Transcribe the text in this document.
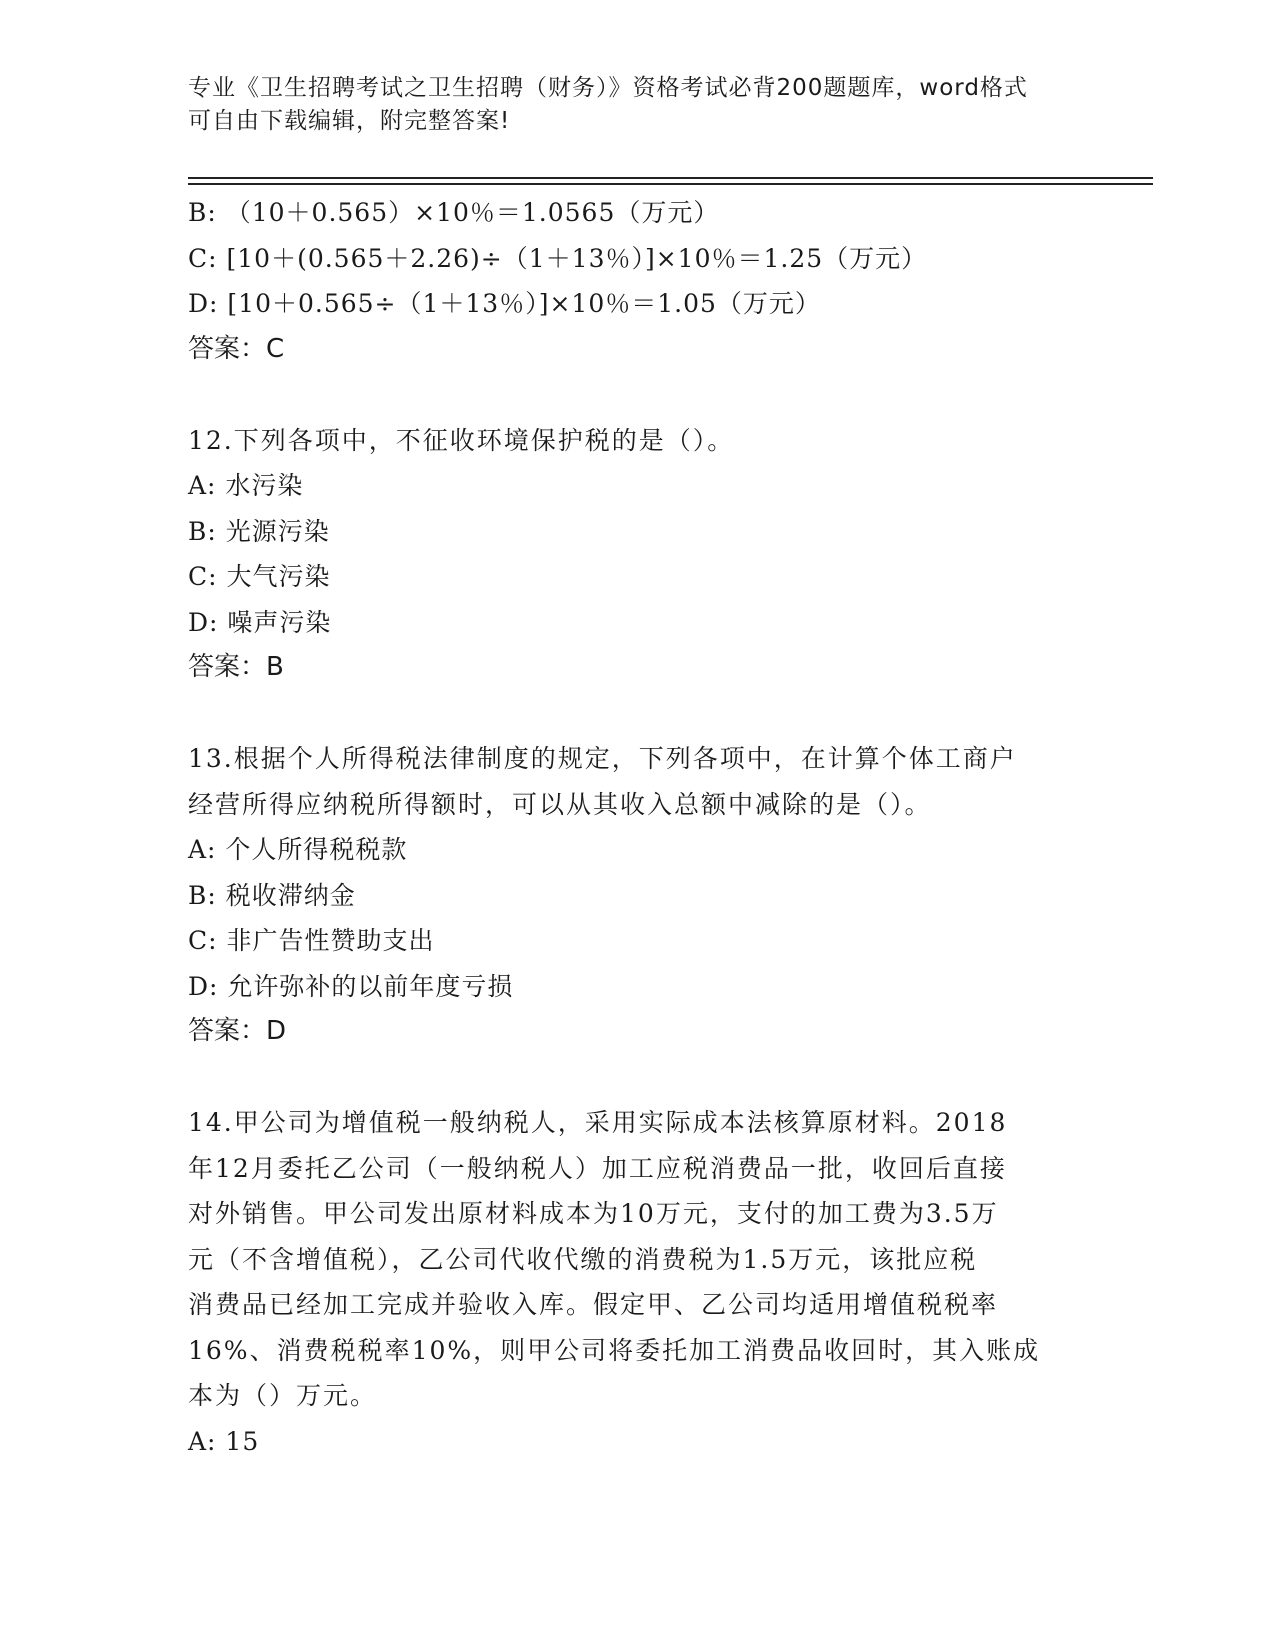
专业《卫生招聘考试之卫生招聘（财务）》资格考试必背200题题库，word格式
可自由下载编辑，附完整答案!
B: （10＋0.565）×10％＝1.0565（万元）
C: [10＋(0.565＋2.26)÷（1＋13％）]×10％＝1.25（万元）
D: [10＋0.565÷（1＋13％）]×10％＝1.05（万元）
答案：C
12.下列各项中，不征收环境保护税的是（）。
A: 水污染
B: 光源污染
C: 大气污染
D: 噪声污染
答案：B
13.根据个人所得税法律制度的规定，下列各项中，在计算个体工商户
经营所得应纳税所得额时，可以从其收入总额中减除的是（）。
A: 个人所得税税款
B: 税收滞纳金
C: 非广告性赞助支出
D: 允许弥补的以前年度亏损
答案：D
14.甲公司为增值税一般纳税人，采用实际成本法核算原材料。2018
年12月委托乙公司（一般纳税人）加工应税消费品一批，收回后直接
对外销售。甲公司发出原材料成本为10万元，支付的加工费为3.5万
元（不含增值税），乙公司代收代缴的消费税为1.5万元，该批应税
消费品已经加工完成并验收入库。假定甲、乙公司均适用增值税税率
16%、消费税税率10%，则甲公司将委托加工消费品收回时，其入账成
本为（）万元。
A: 15
